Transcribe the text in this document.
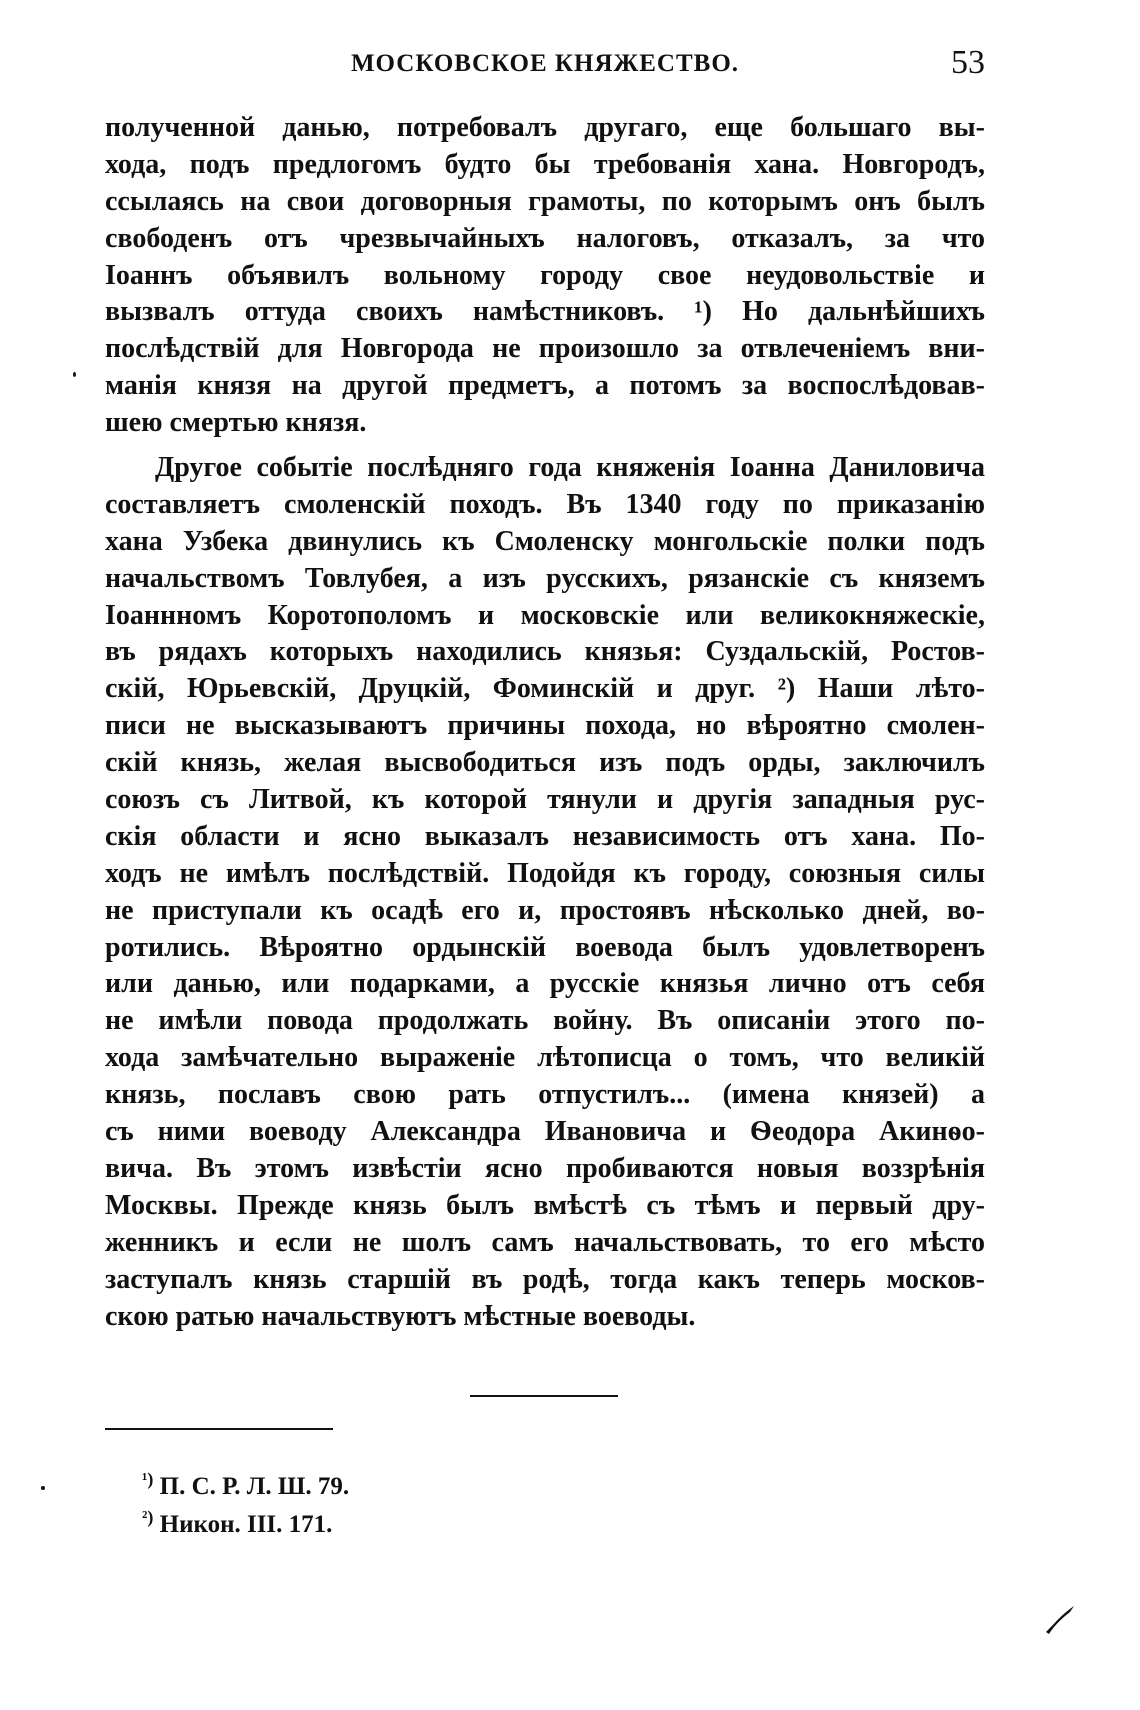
МОСКОВСКОЕ КНЯЖЕСТВО.	53
полученной данью, потребовалъ другаго, еще большаго вы-
хода, подъ предлогомъ будто бы требованія хана. Новгородъ,
ссылаясь на свои договорныя грамоты, по которымъ онъ былъ
свободенъ отъ чрезвычайныхъ налоговъ, отказалъ, за что
Іоаннъ объявилъ вольному городу свое неудовольствіе и
вызвалъ оттуда своихъ намѣстниковъ. ¹) Но дальнѣйшихъ
послѣдствій для Новгорода не произошло за отвлеченіемъ вни-
манія князя на другой предметъ, а потомъ за воспослѣдовав-
шею смертью князя.
Другое событіе послѣдняго года княженія Іоанна Даниловича
составляетъ смоленскій походъ. Въ 1340 году по приказанію
хана Узбека двинулись къ Смоленску монгольскіе полки подъ
начальствомъ Товлубея, а изъ русскихъ, рязанскіе съ княземъ
Іоаннномъ Коротополомъ и московскіе или великокняжескіе,
въ рядахъ которыхъ находились князья: Суздальскій, Ростов-
скій, Юрьевскій, Друцкій, Фоминскій и друг. ²) Наши лѣто-
писи не высказываютъ причины похода, но вѣроятно смолен-
скій князь, желая высвободиться изъ подъ орды, заключилъ
союзъ съ Литвой, къ которой тянули и другія западныя рус-
скія области и ясно выказалъ независимость отъ хана. По-
ходъ не имѣлъ послѣдствій. Подойдя къ городу, союзныя силы
не приступали къ осадѣ его и, простоявъ нѣсколько дней, во-
ротились. Вѣроятно ордынскій воевода былъ удовлетворенъ
или данью, или подарками, а русскіе князья лично отъ себя
не имѣли повода продолжать войну. Въ описаніи этого по-
хода замѣчательно выраженіе лѣтописца о томъ, что великій
князь, пославъ свою рать отпустилъ... (имена князей) а
съ ними воеводу Александра Ивановича и Ѳеодора Акинѳо-
вича. Въ этомъ извѣстіи ясно пробиваются новыя воззрѣнія
Москвы. Прежде князь былъ вмѣстѣ съ тѣмъ и первый дру-
женникъ и если не шолъ самъ начальствовать, то его мѣсто
заступалъ князь старшій въ родѣ, тогда какъ теперь москов-
скою ратью начальствуютъ мѣстные воеводы.
$^{^1)}$ П. С. Р. Л. Ш. 79.
$^{^2)}$ Никон. III. 171.
